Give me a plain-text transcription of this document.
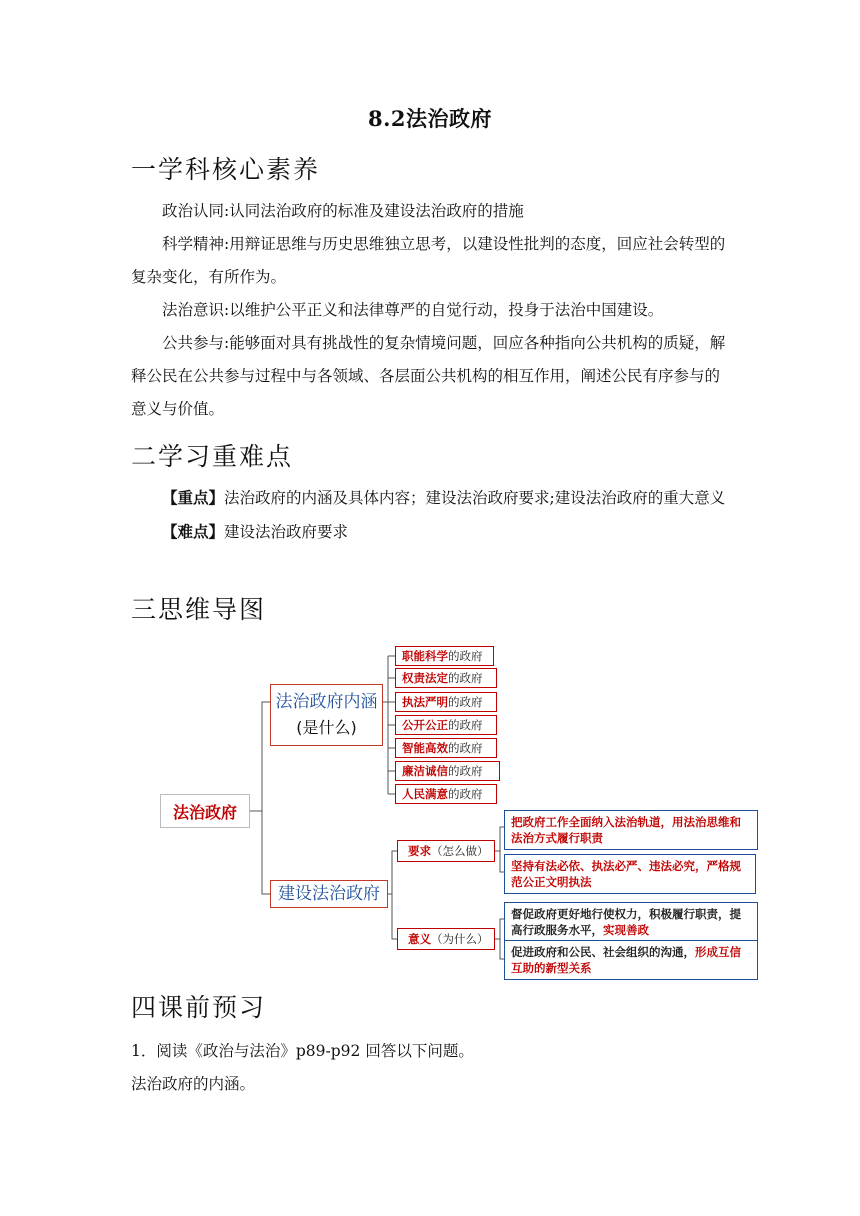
8.2法治政府
一学科核心素养

政治认同:认同法治政府的标准及建设法治政府的措施

科学精神:用辩证思维与历史思维独立思考，以建设性批判的态度，回应社会转型的复杂变化，有所作为。

法治意识:以维护公平正义和法律尊严的自觉行动，投身于法治中国建设。

公共参与:能够面对具有挑战性的复杂情境问题，回应各种指向公共机构的质疑，解释公民在公共参与过程中与各领域、各层面公共机构的相互作用，阐述公民有序参与的意义与价值。

二学习重难点

【重点】法治政府的内涵及具体内容；建设法治政府要求;建设法治政府的重大意义

【难点】建设法治政府要求

三思维导图
法治政府
法治政府内涵
(是什么)
职能科学 的政府
权责法定 的政府
执法严明 的政府
公开公正 的政府
智能高效 的政府
廉洁诚信 的政府
人民满意 的政府
建设法治政府
要求 （怎么做）
意义 （为什么）
把政府工作全面纳入法治轨道，用法治思维和法治方式履行职责
坚持有法必依、执法必严、违法必究，严格规范公正文明执法
督促政府更好地行使权力，积极履行职责，提高行政服务水平，实现善政
促进政府和公民、社会组织的沟通，形成互信互助的新型关系
四课前预习

1．阅读《政治与法治》p89-p92 回答以下问题。

法治政府的内涵。
